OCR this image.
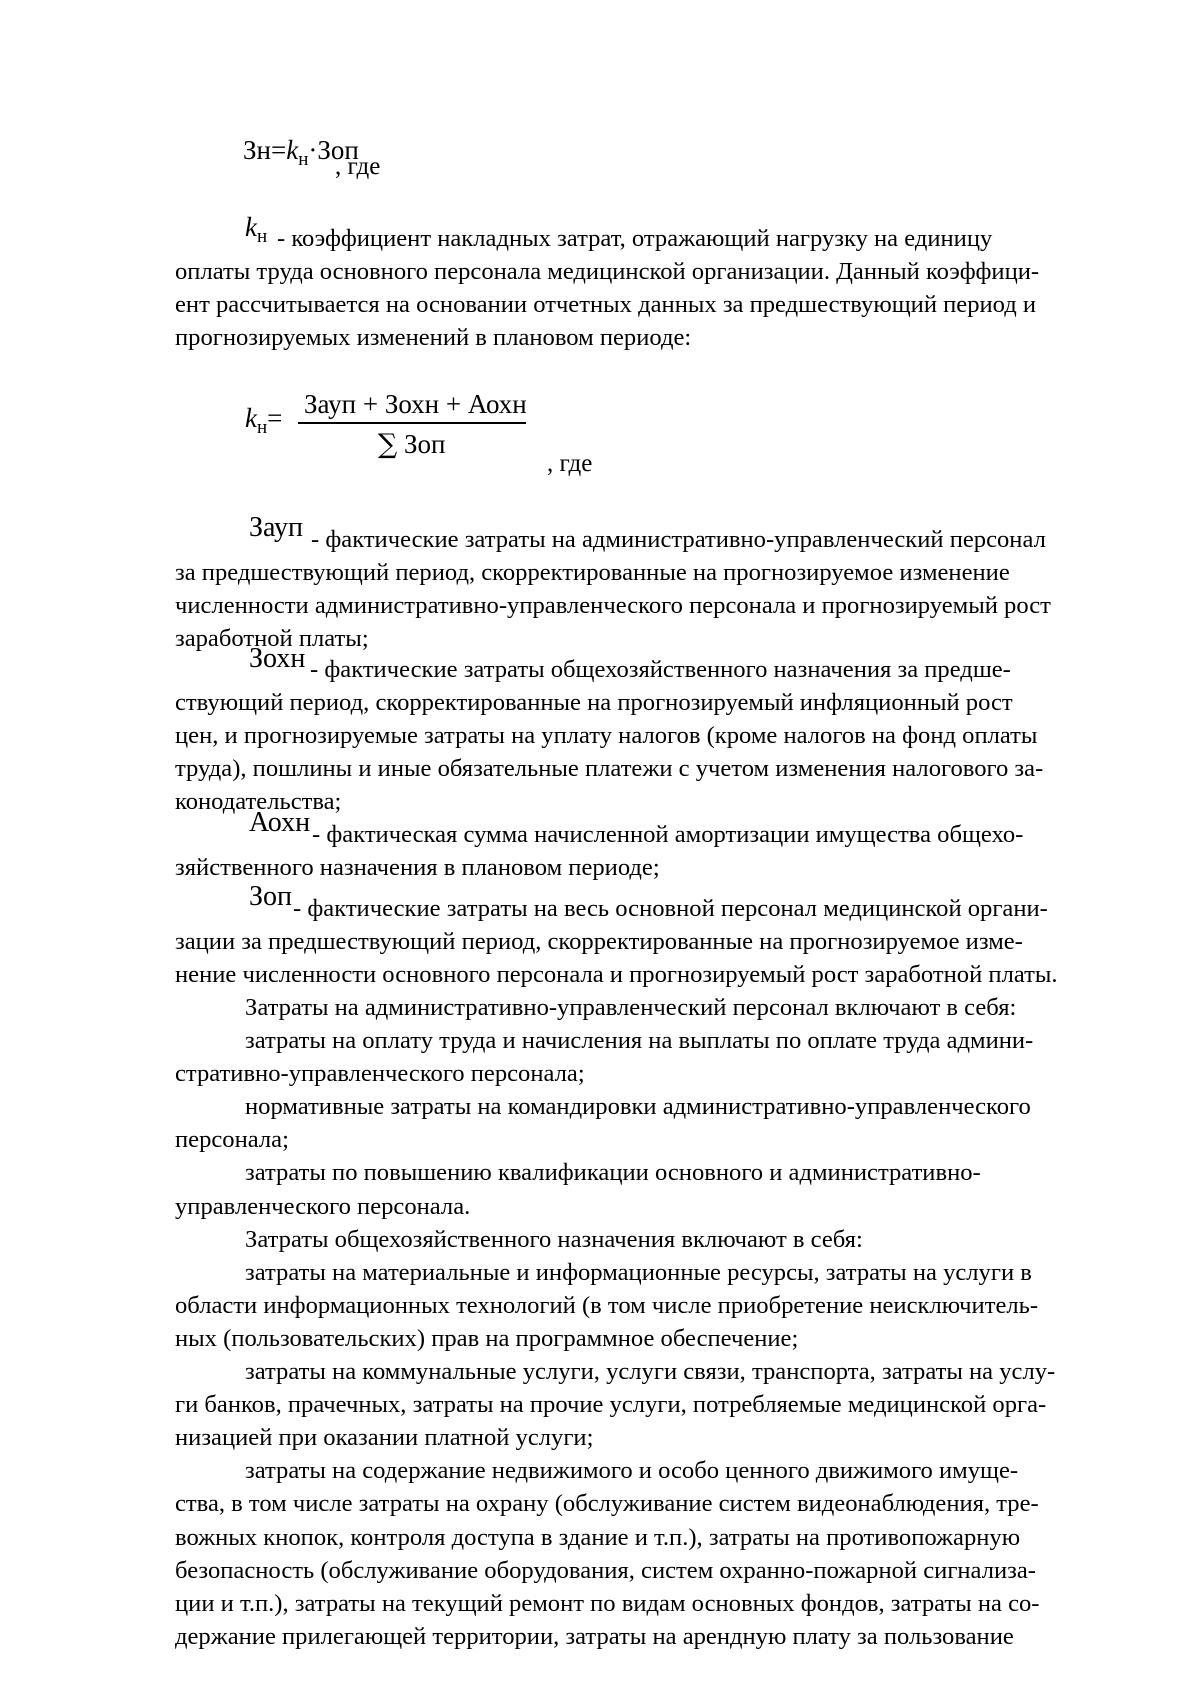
$Зн=k_н\cdot Зоп$
, где
$k_н$ - коэффициент накладных затрат, отражающий нагрузку на единицу

оплаты труда основного персонала медицинской организации. Данный коэффици-

ент рассчитывается на основании отчетных данных за предшествующий период и

прогнозируемых изменений в плановом периоде:

$k_н=$ Зауп + Зохн + Аохн
∑ Зоп
, где
Зауп - фактические затраты на административно-управленческий персонал

за предшествующий период, скорректированные на прогнозируемое изменение

численности административно-управленческого персонала и прогнозируемый рост

заработной платы;

Зохн - фактические затраты общехозяйственного назначения за предше-

ствующий период, скорректированные на прогнозируемый инфляционный рост

цен, и прогнозируемые затраты на уплату налогов (кроме налогов на фонд оплаты

труда), пошлины и иные обязательные платежи с учетом изменения налогового за-

конодательства;

Аохн - фактическая сумма начисленной амортизации имущества общехо-

зяйственного назначения в плановом периоде;

Зоп - фактические затраты на весь основной персонал медицинской органи-

зации за предшествующий период, скорректированные на прогнозируемое изме-

нение численности основного персонала и прогнозируемый рост заработной платы.

Затраты на административно-управленческий персонал включают в себя:

затраты на оплату труда и начисления на выплаты по оплате труда админи-

стративно-управленческого персонала;

нормативные затраты на командировки административно-управленческого

персонала;

затраты по повышению квалификации основного и административно-

управленческого персонала.

Затраты общехозяйственного назначения включают в себя:

затраты на материальные и информационные ресурсы, затраты на услуги в

области информационных технологий (в том числе приобретение неисключитель-

ных (пользовательских) прав на программное обеспечение;

затраты на коммунальные услуги, услуги связи, транспорта, затраты на услу-

ги банков, прачечных, затраты на прочие услуги, потребляемые медицинской орга-

низацией при оказании платной услуги;

затраты на содержание недвижимого и особо ценного движимого имуще-

ства, в том числе затраты на охрану (обслуживание систем видеонаблюдения, тре-

вожных кнопок, контроля доступа в здание и т.п.), затраты на противопожарную

безопасность (обслуживание оборудования, систем охранно-пожарной сигнализа-

ции и т.п.), затраты на текущий ремонт по видам основных фондов, затраты на со-

держание прилегающей территории, затраты на арендную плату за пользование
